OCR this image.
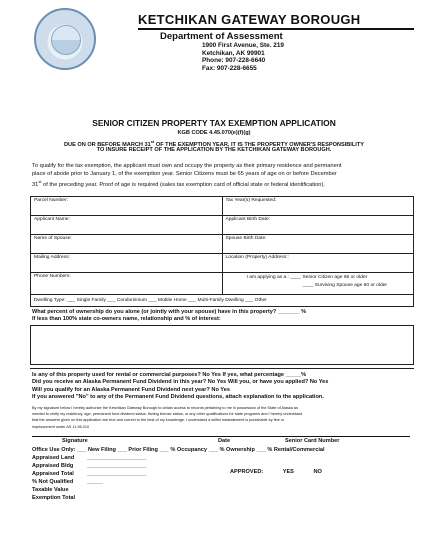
KETCHIKAN GATEWAY BOROUGH
Department of Assessment
1900 First Avenue, Ste. 219
Ketchikan, AK 99901
Phone: 907-228-6640
Fax: 907-228-6655
SENIOR CITIZEN PROPERTY TAX EXEMPTION APPLICATION
KGB CODE 4.45.070(e)(f)(g)
DUE ON OR BEFORE MARCH 31st OF THE EXEMPTION YEAR, IT IS THE PROPERTY OWNER'S RESPONSIBILITY
TO INSURE RECEIPT OF THE APPLICATION BY THE KETCHIKAN GATEWAY BOROUGH.
To qualify for the tax exemption, the applicant must own and occupy the property as their primary residence and permanent
place of abode prior to January 1, of the exemption year. Senior Citizens must be 65 years of age on or before December
31st of the preceding year. Proof of age is required (sales tax exemption card of official state or federal identification).
Parcel Number:	Tax Year(s) Requested:
Applicant Name:	Applicant Birth Date:
Name of Spouse:	Spouse Birth Date:
Mailing Address:	Location (Property) Address::
Phone Numbers:	I am applying as a : ____ Senior Citizen age 65 or older
____ Surviving Spouse age 60 or older
Dwelling Type: ___ Single Family ___ Condominium ___ Mobile Home ___ Multi-Family Dwelling ___ Other
What percent of ownership do you alone (or jointly with your spouse) have in this property? _______ %
If less than 100% state co-owners name, relationship and % of interest:
Is any of this property used for rental or commercial purposes? No Yes If yes, what percentage _____%
Did you receive an Alaska Permanent Fund Dividend in this year? No Yes Will you, or have you applied? No Yes
Will you qualify for an Alaska Permanent Fund Dividend next year? No Yes
If you answered "No" to any of the Permanent Fund Dividend questions, attach explanation to the application.
By my signature below I hereby authorize the Ketchikan Gateway Borough to obtain access to records pertaining to me in possession of the State of Alaska as
needed to verify my residency, age, permanent fund dividend status, fishing license status, or any other qualifications for state programs and I hereby understand
that the answers given on this application are true and correct to the best of my knowledge. I understand a willful misstatement is punishable by fine or
imprisonment under AS 11.56.210
Signature	Date	Senior Card Number
Office Use Only: ___ New Filing ___ Prior Filing ___ % Occupancy ___ % Ownership ___ % Rental/Commercial
Appraised Land ___________________
Appraised Bldg ___________________
Appraised Total ___________________
% Not Qualified _____
Taxable Value
Exemption Total
APPROVED:	YES	NO
